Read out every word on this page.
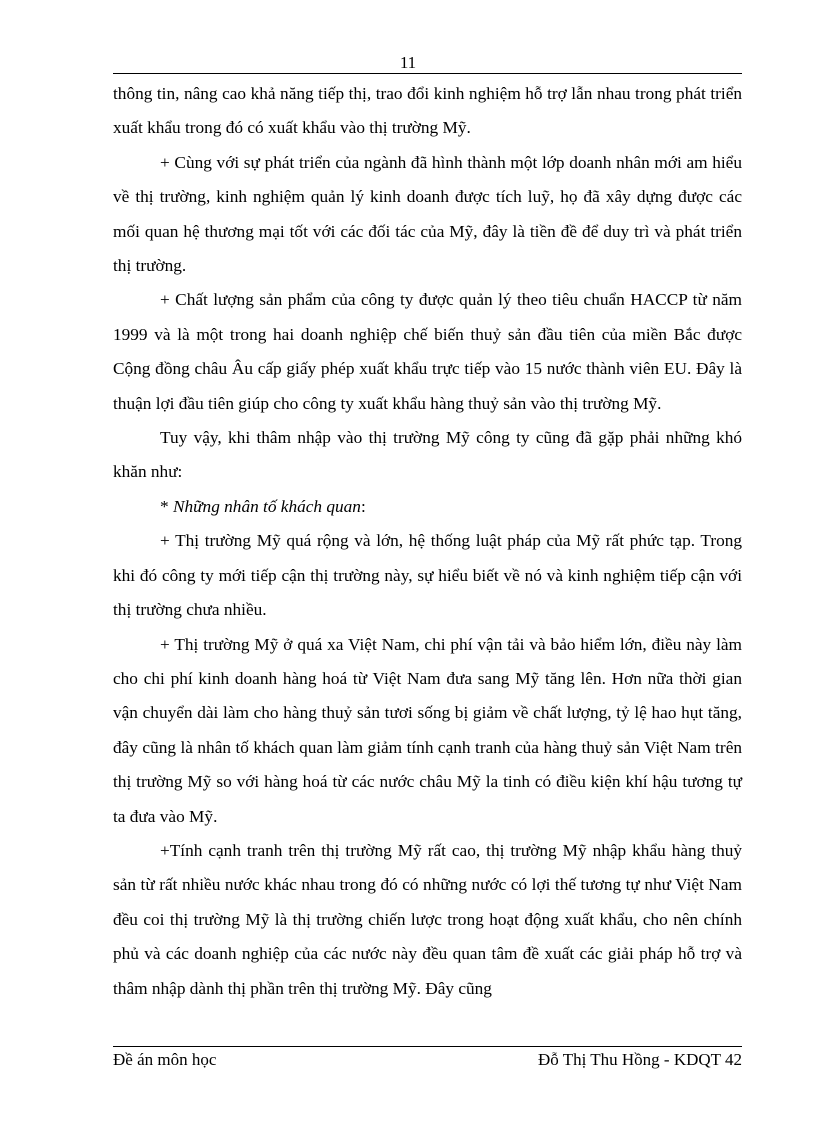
11

thông tin, nâng cao khả năng tiếp thị, trao đổi kinh nghiệm hỗ trợ lẫn nhau trong phát triển xuất khẩu trong đó có xuất khẩu vào thị trường Mỹ.

+ Cùng với sự phát triển của ngành đã hình thành một lớp doanh nhân mới am hiểu về thị trường, kinh nghiệm quản lý kinh doanh được tích luỹ, họ đã xây dựng được các mối quan hệ thương mại tốt với các đối tác của Mỹ, đây là tiền đề để duy trì và phát triển thị trường.

+ Chất lượng sản phẩm của công ty được quản lý theo tiêu chuẩn HACCP từ năm 1999 và là một trong hai doanh nghiệp chế biến thuỷ sản đầu tiên của miền Bắc được Cộng đồng châu Âu cấp giấy phép xuất khẩu trực tiếp vào 15 nước thành viên EU. Đây là thuận lợi đầu tiên giúp cho công ty xuất khẩu hàng thuỷ sản vào thị trường Mỹ.

Tuy vậy, khi thâm nhập vào thị trường Mỹ công ty cũng đã gặp phải những khó khăn như:

* Những nhân tố khách quan:

+ Thị trường Mỹ quá rộng và lớn, hệ thống luật pháp của Mỹ rất phức tạp. Trong khi đó công ty mới tiếp cận thị trường này, sự hiểu biết về nó và kinh nghiệm tiếp cận với thị trường chưa nhiều.

+ Thị trường Mỹ ở quá xa Việt Nam, chi phí vận tải và bảo hiểm lớn, điều này làm cho chi phí kinh doanh hàng hoá từ Việt Nam đưa sang Mỹ tăng lên. Hơn nữa thời gian vận chuyển dài làm cho hàng thuỷ sản tươi sống bị giảm về chất lượng, tỷ lệ hao hụt tăng, đây cũng là nhân tố khách quan làm giảm tính cạnh tranh của hàng thuỷ sản Việt Nam trên thị trường Mỹ so với hàng hoá từ các nước châu Mỹ la tinh có điều kiện khí hậu tương tự ta đưa vào Mỹ.

+Tính cạnh tranh trên thị trường Mỹ rất cao, thị trường Mỹ nhập khẩu hàng thuỷ sản từ rất nhiều nước khác nhau trong đó có những nước có lợi thế tương tự như Việt Nam đều coi thị trường Mỹ là thị trường chiến lược trong hoạt động xuất khẩu, cho nên chính phủ và các doanh nghiệp của các nước này đều quan tâm đề xuất các giải pháp hỗ trợ và thâm nhập dành thị phần trên thị trường Mỹ. Đây cũng

Đề án môn học	Đỗ Thị Thu Hồng - KDQT 42
